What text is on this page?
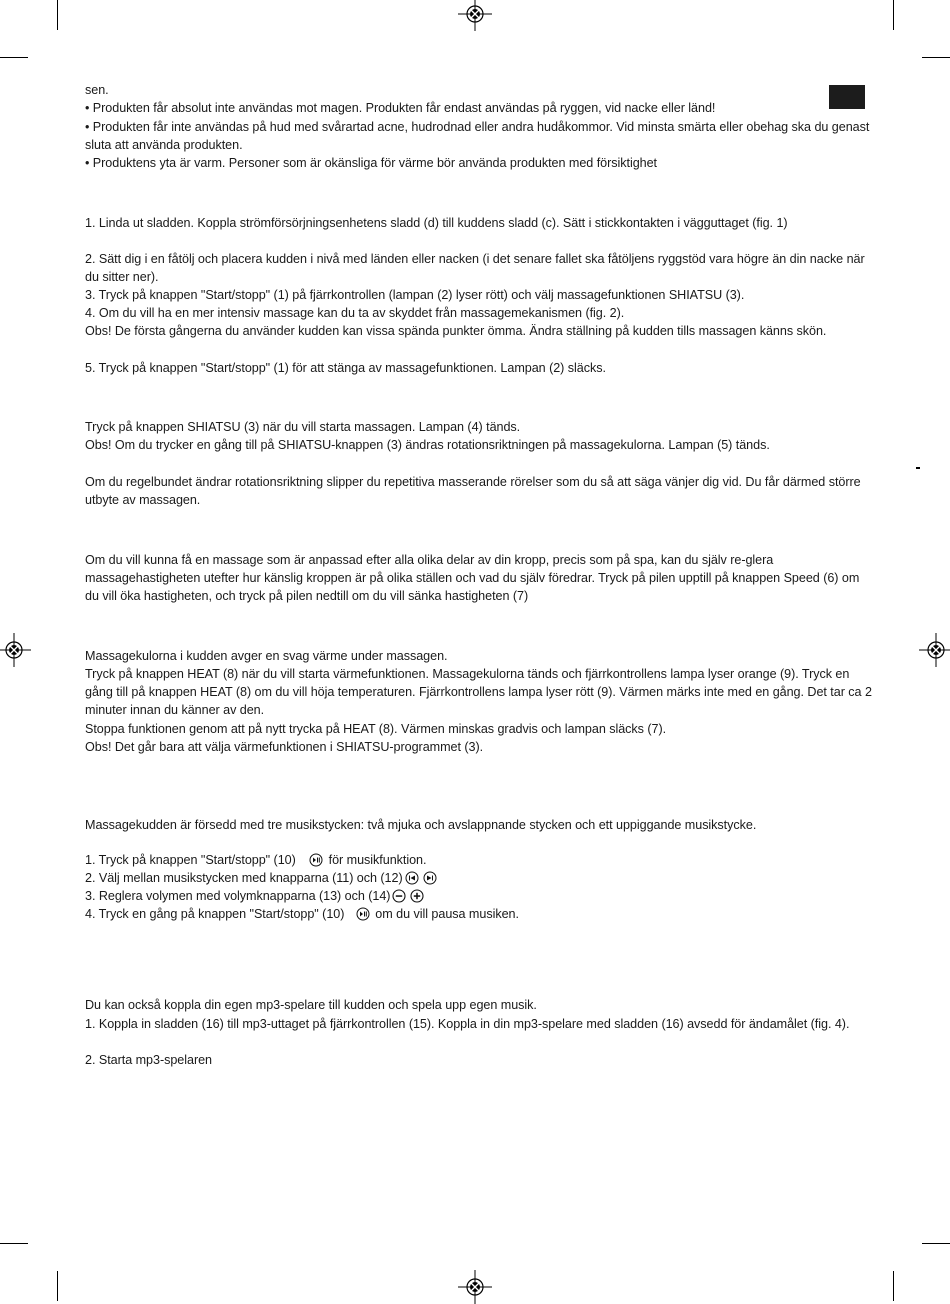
sen.

• Produkten får absolut inte användas mot magen. Produkten får endast användas på ryggen, vid nacke eller länd!

• Produkten får inte användas på hud med svårartad acne, hudrodnad eller andra hudåkommor. Vid minsta smärta eller obehag ska du genast sluta att använda produkten.

• Produktens yta är varm. Personer som är okänsliga för värme bör använda produkten med försiktighet

1. Linda ut sladden. Koppla strömförsörjningsenhetens sladd (d) till kuddens sladd (c). Sätt i stickkontakten i vägguttaget (fig. 1)

2. Sätt dig i en fåtölj och placera kudden i nivå med länden eller nacken (i det senare fallet ska fåtöljens ryggstöd vara högre än din nacke när du sitter ner).

3. Tryck på knappen "Start/stopp" (1) på fjärrkontrollen (lampan (2) lyser rött) och välj massagefunktionen SHIATSU (3).

4. Om du vill ha en mer intensiv massage kan du ta av skyddet från massagemekanismen (fig. 2).

Obs! De första gångerna du använder kudden kan vissa spända punkter ömma. Ändra ställning på kudden tills massagen känns skön.

5. Tryck på knappen "Start/stopp" (1) för att stänga av massagefunktionen. Lampan (2) släcks.

Tryck på knappen SHIATSU (3) när du vill starta massagen. Lampan (4) tänds.

Obs! Om du trycker en gång till på SHIATSU-knappen (3) ändras rotationsriktningen på massagekulorna. Lampan (5) tänds.

Om du regelbundet ändrar rotationsriktning slipper du repetitiva masserande rörelser som du så att säga vänjer dig vid. Du får därmed större utbyte av massagen.

Om du vill kunna få en massage som är anpassad efter alla olika delar av din kropp, precis som på spa, kan du själv re-glera massagehastigheten utefter hur känslig kroppen är på olika ställen och vad du själv föredrar. Tryck på pilen upptill på knappen Speed (6) om du vill öka hastigheten, och tryck på pilen nedtill om du vill sänka hastigheten (7)

Massagekulorna i kudden avger en svag värme under massagen.

Tryck på knappen HEAT (8) när du vill starta värmefunktionen. Massagekulorna tänds och fjärrkontrollens lampa lyser orange (9). Tryck en gång till på knappen HEAT (8) om du vill höja temperaturen. Fjärrkontrollens lampa lyser rött (9). Värmen märks inte med en gång. Det tar ca 2 minuter innan du känner av den.

Stoppa funktionen genom att på nytt trycka på HEAT (8). Värmen minskas gradvis och lampan släcks (7).

Obs! Det går bara att välja värmefunktionen i SHIATSU-programmet (3).

Massagekudden är försedd med tre musikstycken: två mjuka och avslappnande stycken och ett uppiggande musikstycke.

1. Tryck på knappen "Start/stopp" (10)	för musikfunktion.

2. Välj mellan musikstycken med knapparna (11) och (12)

3. Reglera volymen med volymknapparna (13) och (14)

4. Tryck en gång på knappen "Start/stopp" (10) om du vill pausa musiken.

Du kan också koppla din egen mp3-spelare till kudden och spela upp egen musik.

1. Koppla in sladden (16) till mp3-uttaget på fjärrkontrollen (15). Koppla in din mp3-spelare med sladden (16) avsedd för ändamålet (fig. 4).

2. Starta mp3-spelaren
